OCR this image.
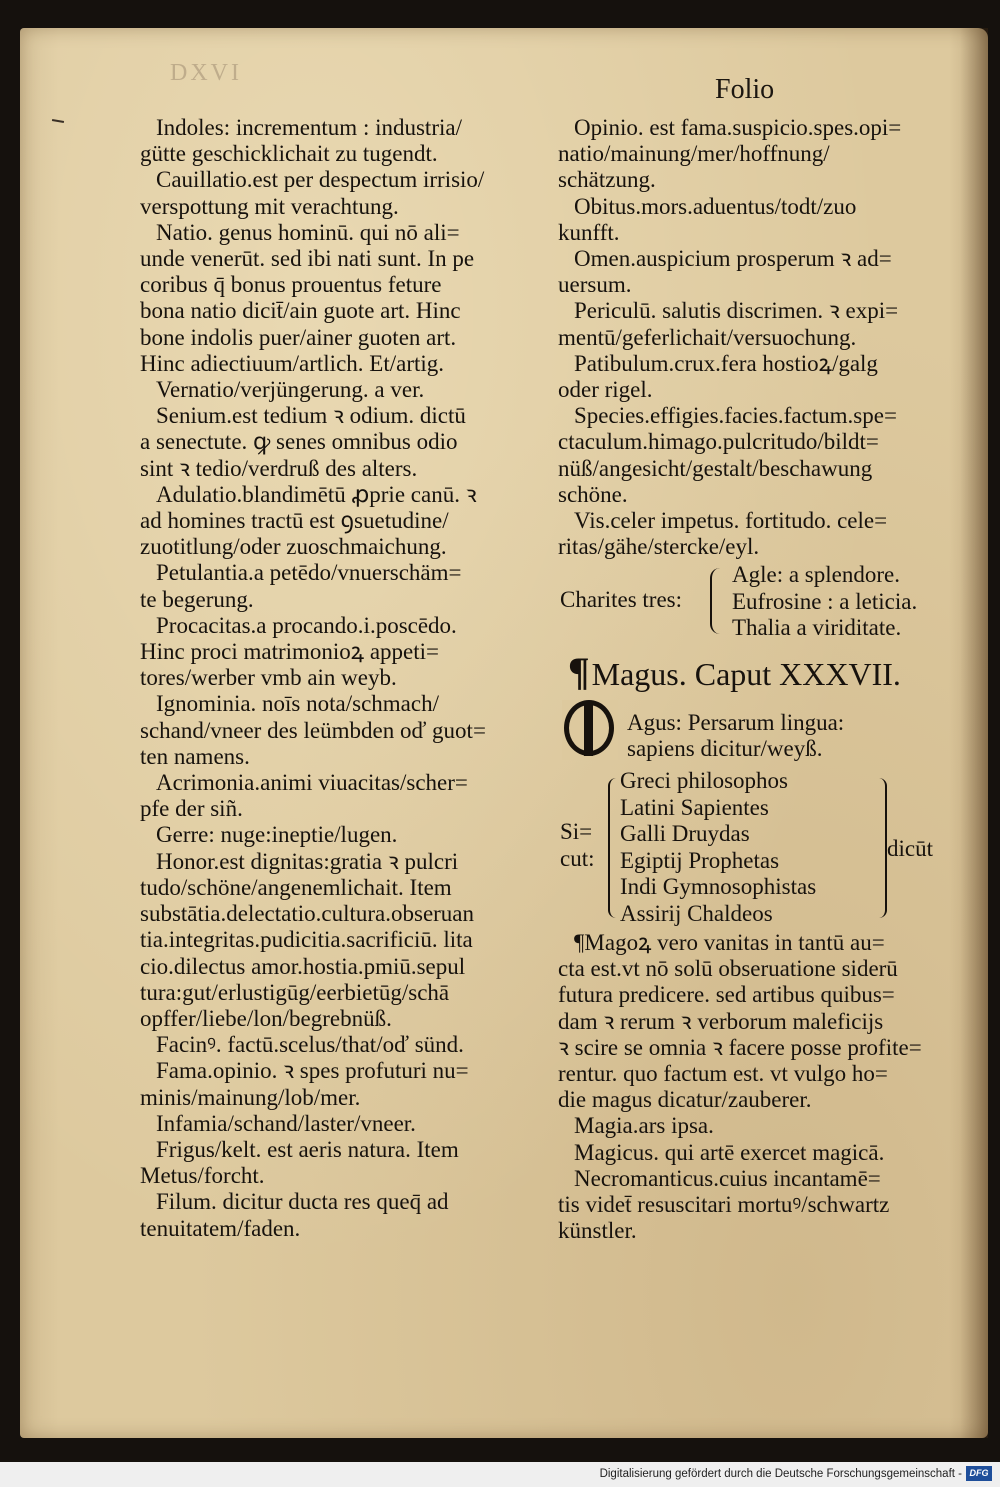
DXVI
Folio
Indoles: incrementum : industria/
gütte geschicklichait zu tugendt.
Cauillatio.est per despectum irrisio/
verspottung mit verachtung.
Natio. genus hominū. qui nō ali=
unde venerūt. sed ibi nati sunt. In pe
coribus q̄ bonus prouentus feture
bona natio dicit̄/ain guote art. Hinc
bone indolis puer/ainer guoten art.
Hinc adiectiuum/artlich. Et/artig.
Vernatio/verjüngerung. a ver.
Senium.est tedium ꝛ odium. dictū
a senectute. ꝙ senes omnibus odio
sint ꝛ tedio/verdruß des alters.
Adulatio.blandimētū ꝓprie canū. ꝛ
ad homines tractū est ꝯsuetudine/
zuotitlung/oder zuoschmaichung.
Petulantia.a petēdo/vnuerschäm=
te begerung.
Procacitas.a procando.i.poscēdo.
Hinc proci matrimonioꝝ appeti=
tores/werber vmb ain weyb.
Ignominia. noīs nota/schmach/
schand/vneer des leümbden oď guot=
ten namens.
Acrimonia.animi viuacitas/scher=
pfe der siñ.
Gerre: nuge:ineptie/lugen.
Honor.est dignitas:gratia ꝛ pulcri
tudo/schöne/angenemlichait. Item
substātia.delectatio.cultura.obseruan
tia.integritas.pudicitia.sacrificiū. lita
cio.dilectus amor.hostia.pmiū.sepul
tura:gut/erlustigūg/eerbietūg/schā
opffer/liebe/lon/begrebnüß.
Facinꝰ. factū.scelus/that/oď sünd.
Fama.opinio. ꝛ spes profuturi nu=
minis/mainung/lob/mer.
Infamia/schand/laster/vneer.
Frigus/kelt. est aeris natura. Item
Metus/forcht.
Filum. dicitur ducta res queq̄ ad
tenuitatem/faden.
Opinio. est fama.suspicio.spes.opi=
natio/mainung/mer/hoffnung/
schätzung.
Obitus.mors.aduentus/todt/zuo
kunfft.
Omen.auspicium prosperum ꝛ ad=
uersum.
Periculū. salutis discrimen. ꝛ expi=
mentū/geferlichait/versuochung.
Patibulum.crux.fera hostioꝝ/galg
oder rigel.
Species.effigies.facies.factum.spe=
ctaculum.himago.pulcritudo/bildt=
nüß/angesicht/gestalt/beschawung
schöne.
Vis.celer impetus. fortitudo. cele=
ritas/gähe/stercke/eyl.
Charites tres:
Agle: a splendore.
Eufrosine : a leticia.
Thalia a viriditate.
¶Magus. Caput XXXVII.
Agus: Persarum lingua:
sapiens dicitur/weyß.
Si=
cut:
Greci philosophos
Latini Sapientes
Galli Druydas
Egiptij Prophetas
Indi Gymnosophistas
Assirij Chaldeos
dicūt
¶Magoꝝ vero vanitas in tantū au=
cta est.vt nō solū obseruatione siderū
futura predicere. sed artibus quibus=
dam ꝛ rerum ꝛ verborum maleficijs
ꝛ scire se omnia ꝛ facere posse profite=
rentur. quo factum est. vt vulgo ho=
die magus dicatur/zauberer.
Magia.ars ipsa.
Magicus. qui artē exercet magicā.
Necromanticus.cuius incantamē=
tis videt̄ resuscitari mortuꝰ/schwartz
künstler.
Digitalisierung gefördert durch die Deutsche Forschungsgemeinschaft - DFG
